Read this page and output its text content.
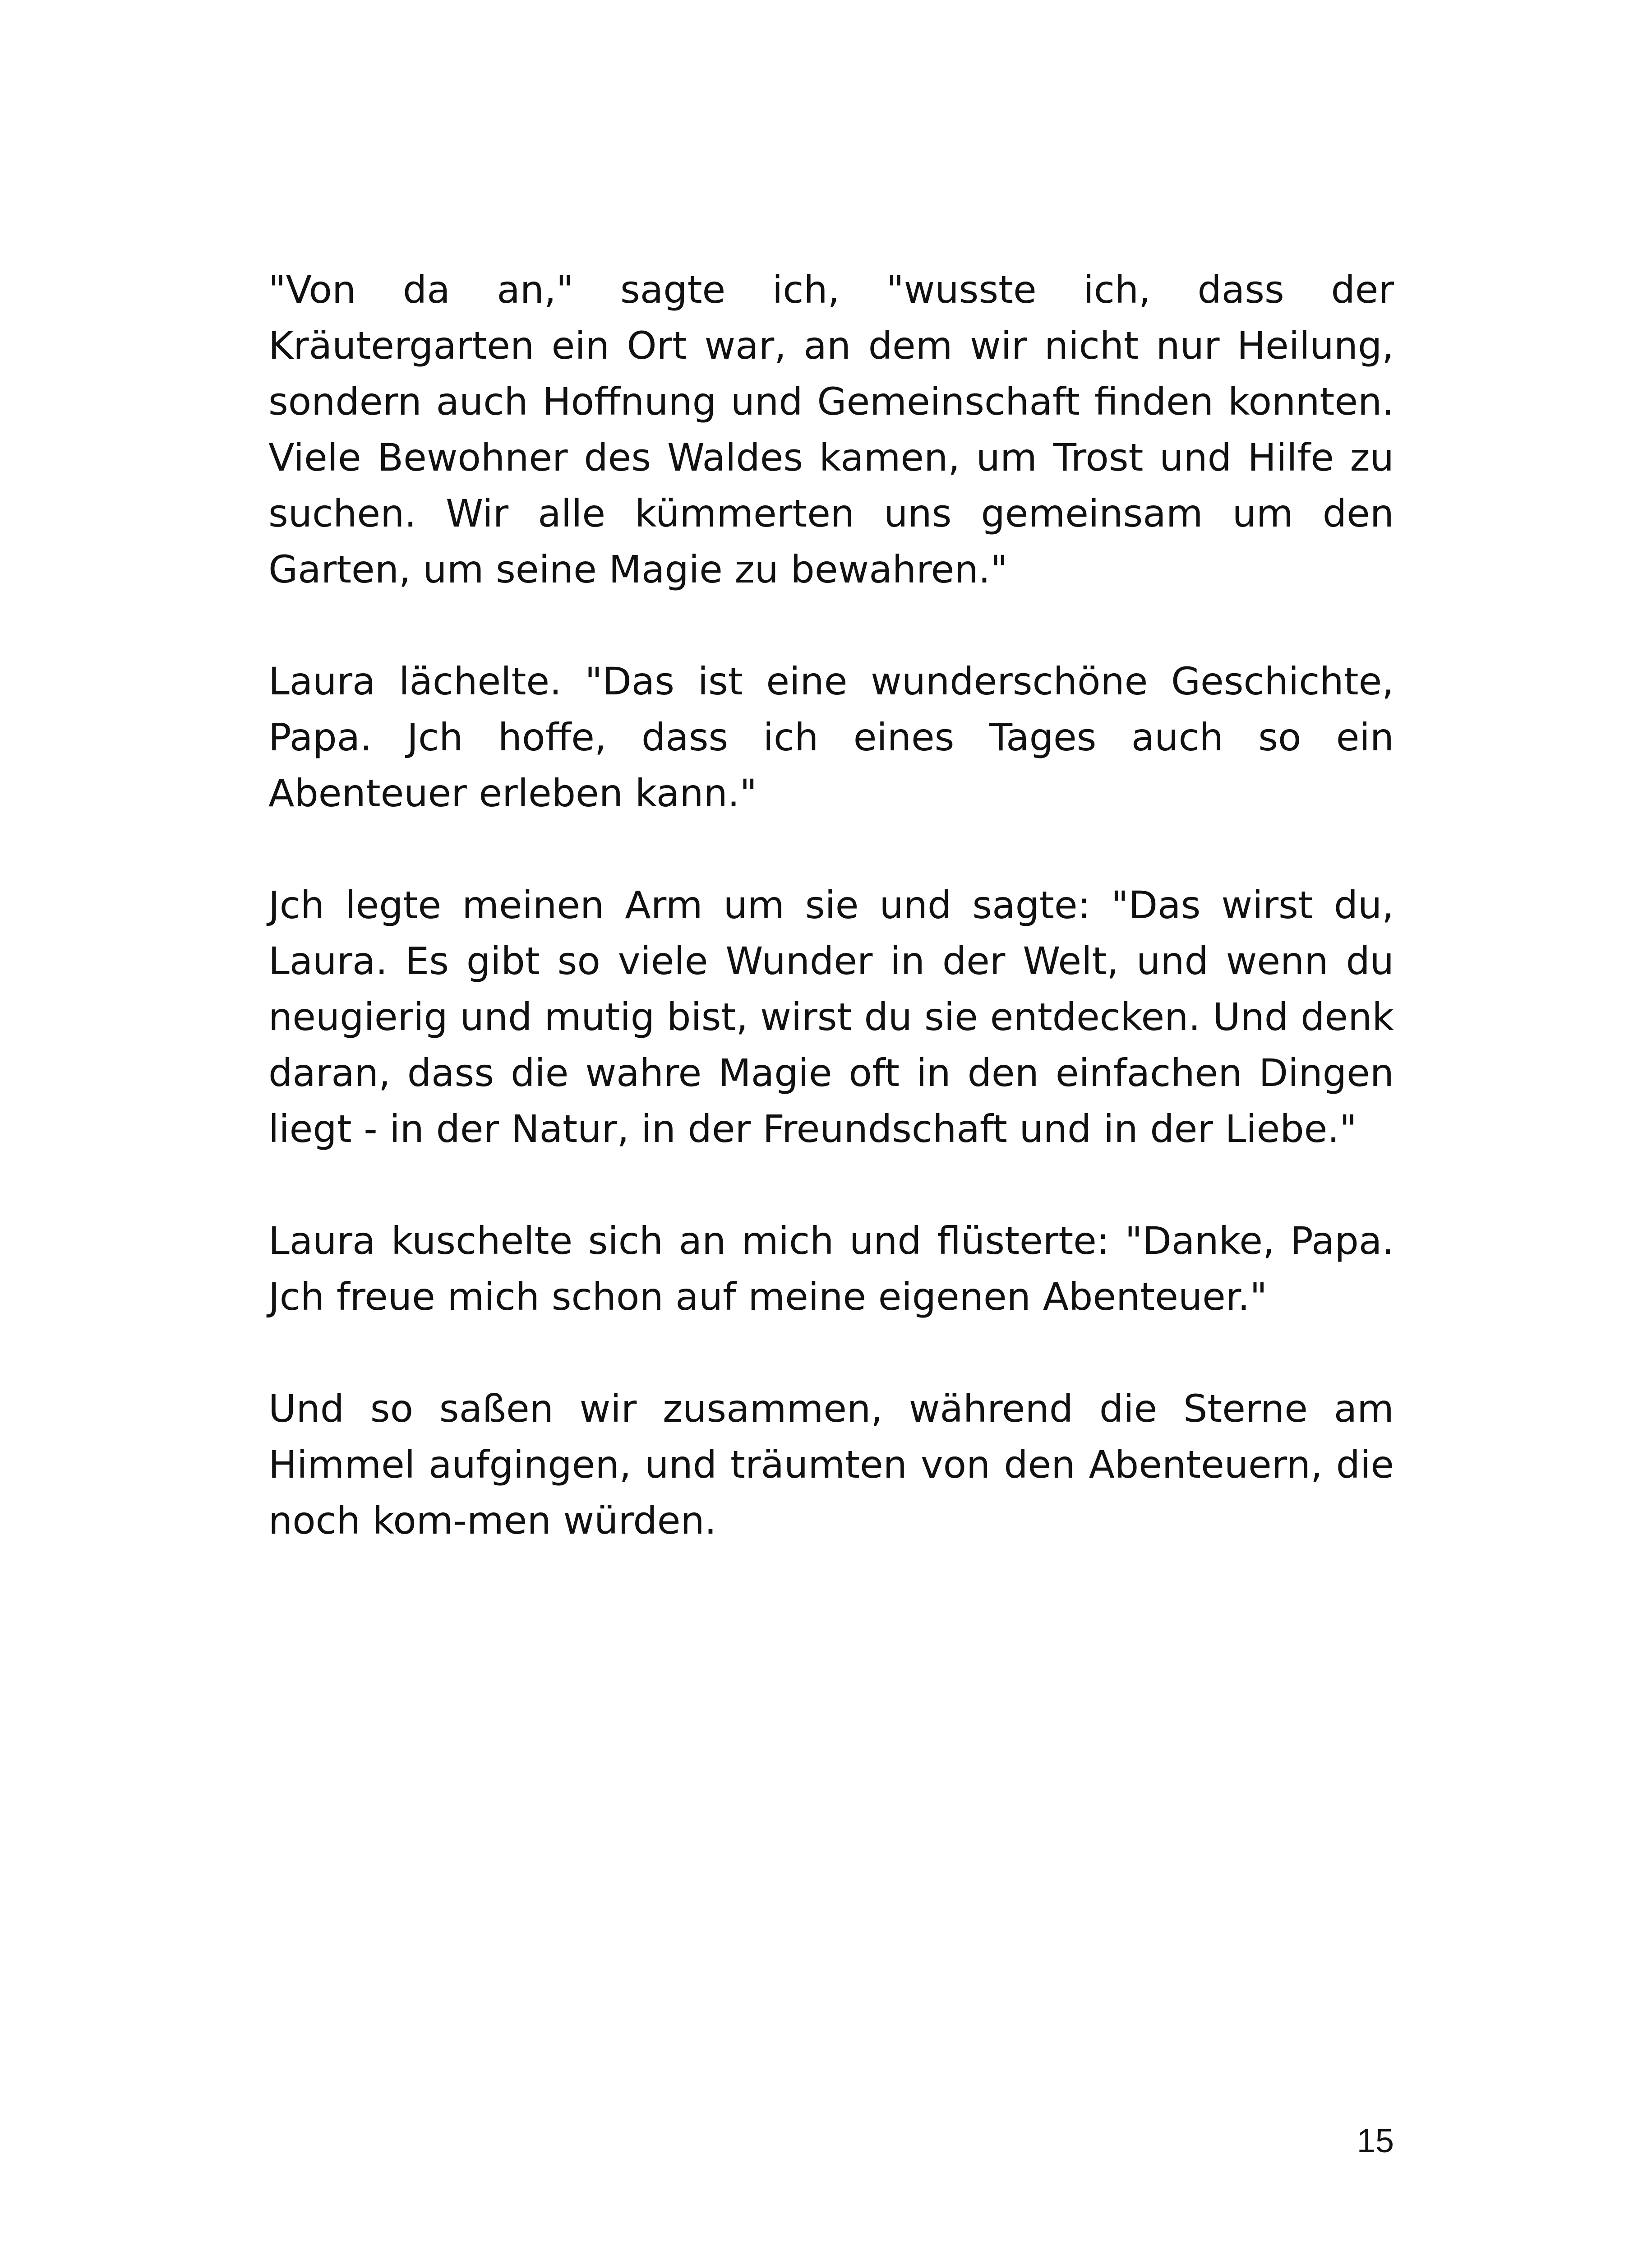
"Von da an," sagte ich, "wusste ich, dass der Kräutergarten ein Ort war, an dem wir nicht nur Heilung, sondern auch Hoffnung und Gemeinschaft finden konnten. Viele Bewohner des Waldes kamen, um Trost und Hilfe zu suchen. Wir alle kümmerten uns gemeinsam um den Garten, um seine Magie zu bewahren."

Laura lächelte. "Das ist eine wunderschöne Geschichte, Papa. Jch hoffe, dass ich eines Tages auch so ein Abenteuer erleben kann."

Jch legte meinen Arm um sie und sagte: "Das wirst du, Laura. Es gibt so viele Wunder in der Welt, und wenn du neugierig und mutig bist, wirst du sie entdecken. Und denk daran, dass die wahre Magie oft in den einfachen Dingen liegt - in der Natur, in der Freundschaft und in der Liebe."

Laura kuschelte sich an mich und flüsterte: "Danke, Papa. Jch freue mich schon auf meine eigenen Abenteuer."

Und so saßen wir zusammen, während die Sterne am Himmel aufgingen, und träumten von den Abenteuern, die noch kom-men würden.

15
